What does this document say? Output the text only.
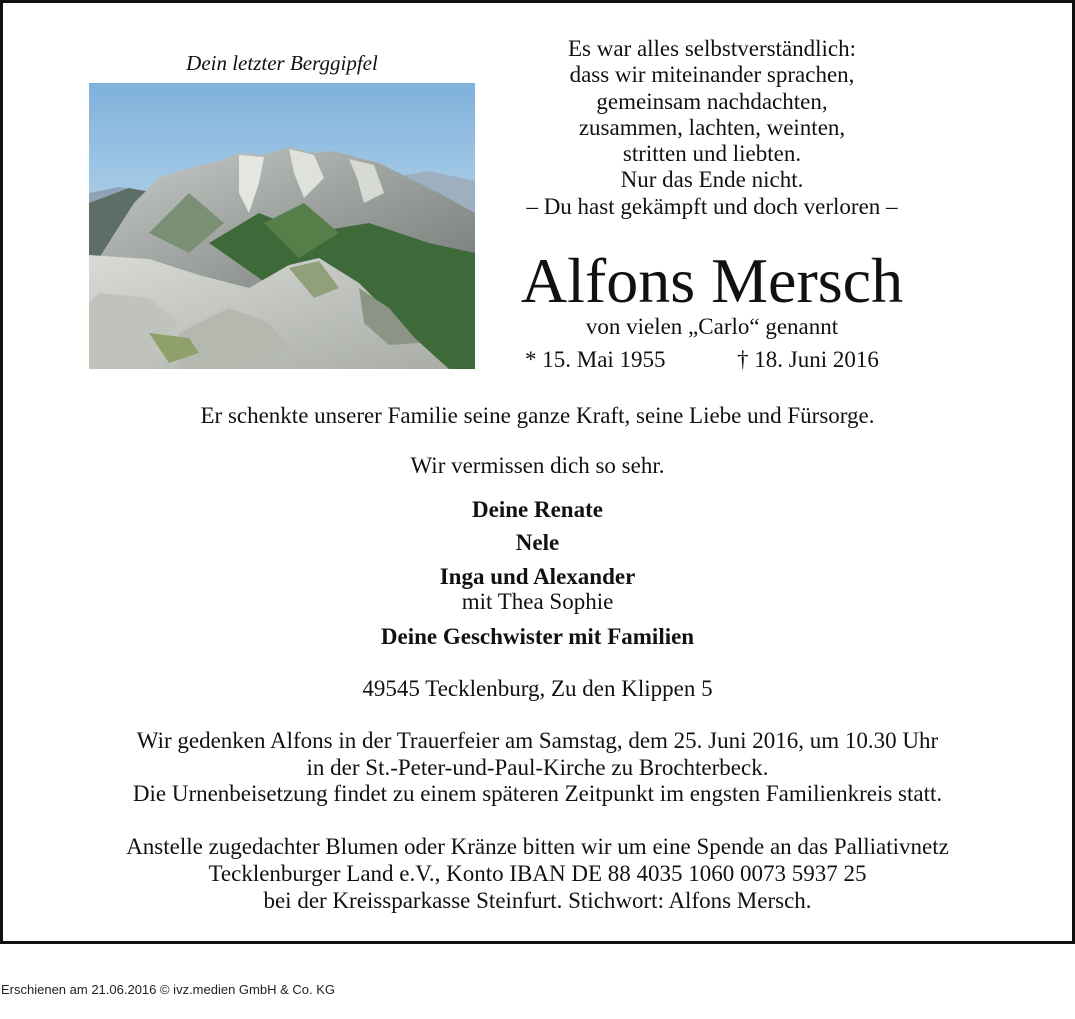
Dein letzter Berggipfel
Es war alles selbstverständlich:
dass wir miteinander sprachen,
gemeinsam nachdachten,
zusammen, lachten, weinten,
stritten und liebten.
Nur das Ende nicht.
– Du hast gekämpft und doch verloren –
Alfons Mersch
von vielen „Carlo“ genannt
* 15. Mai 1955	† 18. Juni 2016
Er schenkte unserer Familie seine ganze Kraft, seine Liebe und Fürsorge.
Wir vermissen dich so sehr.
Deine Renate
Nele
Inga und Alexander
mit Thea Sophie
Deine Geschwister mit Familien
49545 Tecklenburg, Zu den Klippen 5
Wir gedenken Alfons in der Trauerfeier am Samstag, dem 25. Juni 2016, um 10.30 Uhr
in der St.-Peter-und-Paul-Kirche zu Brochterbeck.
Die Urnenbeisetzung findet zu einem späteren Zeitpunkt im engsten Familienkreis statt.
Anstelle zugedachter Blumen oder Kränze bitten wir um eine Spende an das Palliativnetz
Tecklenburger Land e.V., Konto IBAN DE 88 4035 1060 0073 5937 25
bei der Kreissparkasse Steinfurt. Stichwort: Alfons Mersch.
Erschienen am 21.06.2016 © ivz.medien GmbH & Co. KG
